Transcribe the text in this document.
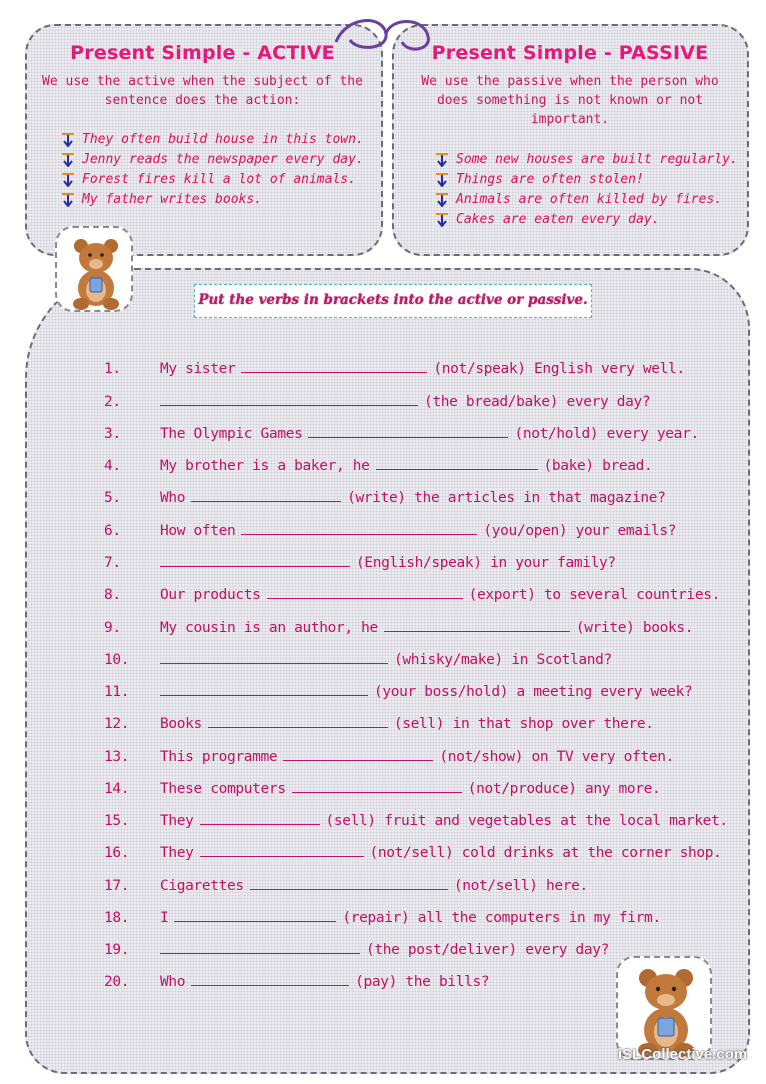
Present Simple - ACTIVE
We use the active when the subject of the
sentence does the action:
They often build house in this town.
Jenny reads the newspaper every day.
Forest fires kill a lot of animals.
My father writes books.
Present Simple - PASSIVE
We use the passive when the person who
does something is not known or not
important.
Some new houses are built regularly.
Things are often stolen!
Animals are often killed by fires.
Cakes are eaten every day.
Put the verbs in brackets into the active or passive.
1.	My sister	(not/speak) English very well.
2.	(the bread/bake) every day?
3.	The Olympic Games	(not/hold) every year.
4.	My brother is a baker, he	(bake) bread.
5.	Who	(write) the articles in that magazine?
6.	How often	(you/open) your emails?
7.	(English/speak) in your family?
8.	Our products	(export) to several countries.
9.	My cousin is an author, he	(write) books.
10.	(whisky/make) in Scotland?
11.	(your boss/hold) a meeting every week?
12. Books	(sell) in that shop over there.
13. This programme	(not/show) on TV very often.
14. These computers	(not/produce) any more.
15. They	(sell) fruit and vegetables at the local market.
16. They	(not/sell) cold drinks at the corner shop.
17. Cigarettes	(not/sell) here.
18. I	(repair) all the computers in my firm.
19.	(the post/deliver) every day?
20. Who	(pay) the bills?
iSLCollective.com
